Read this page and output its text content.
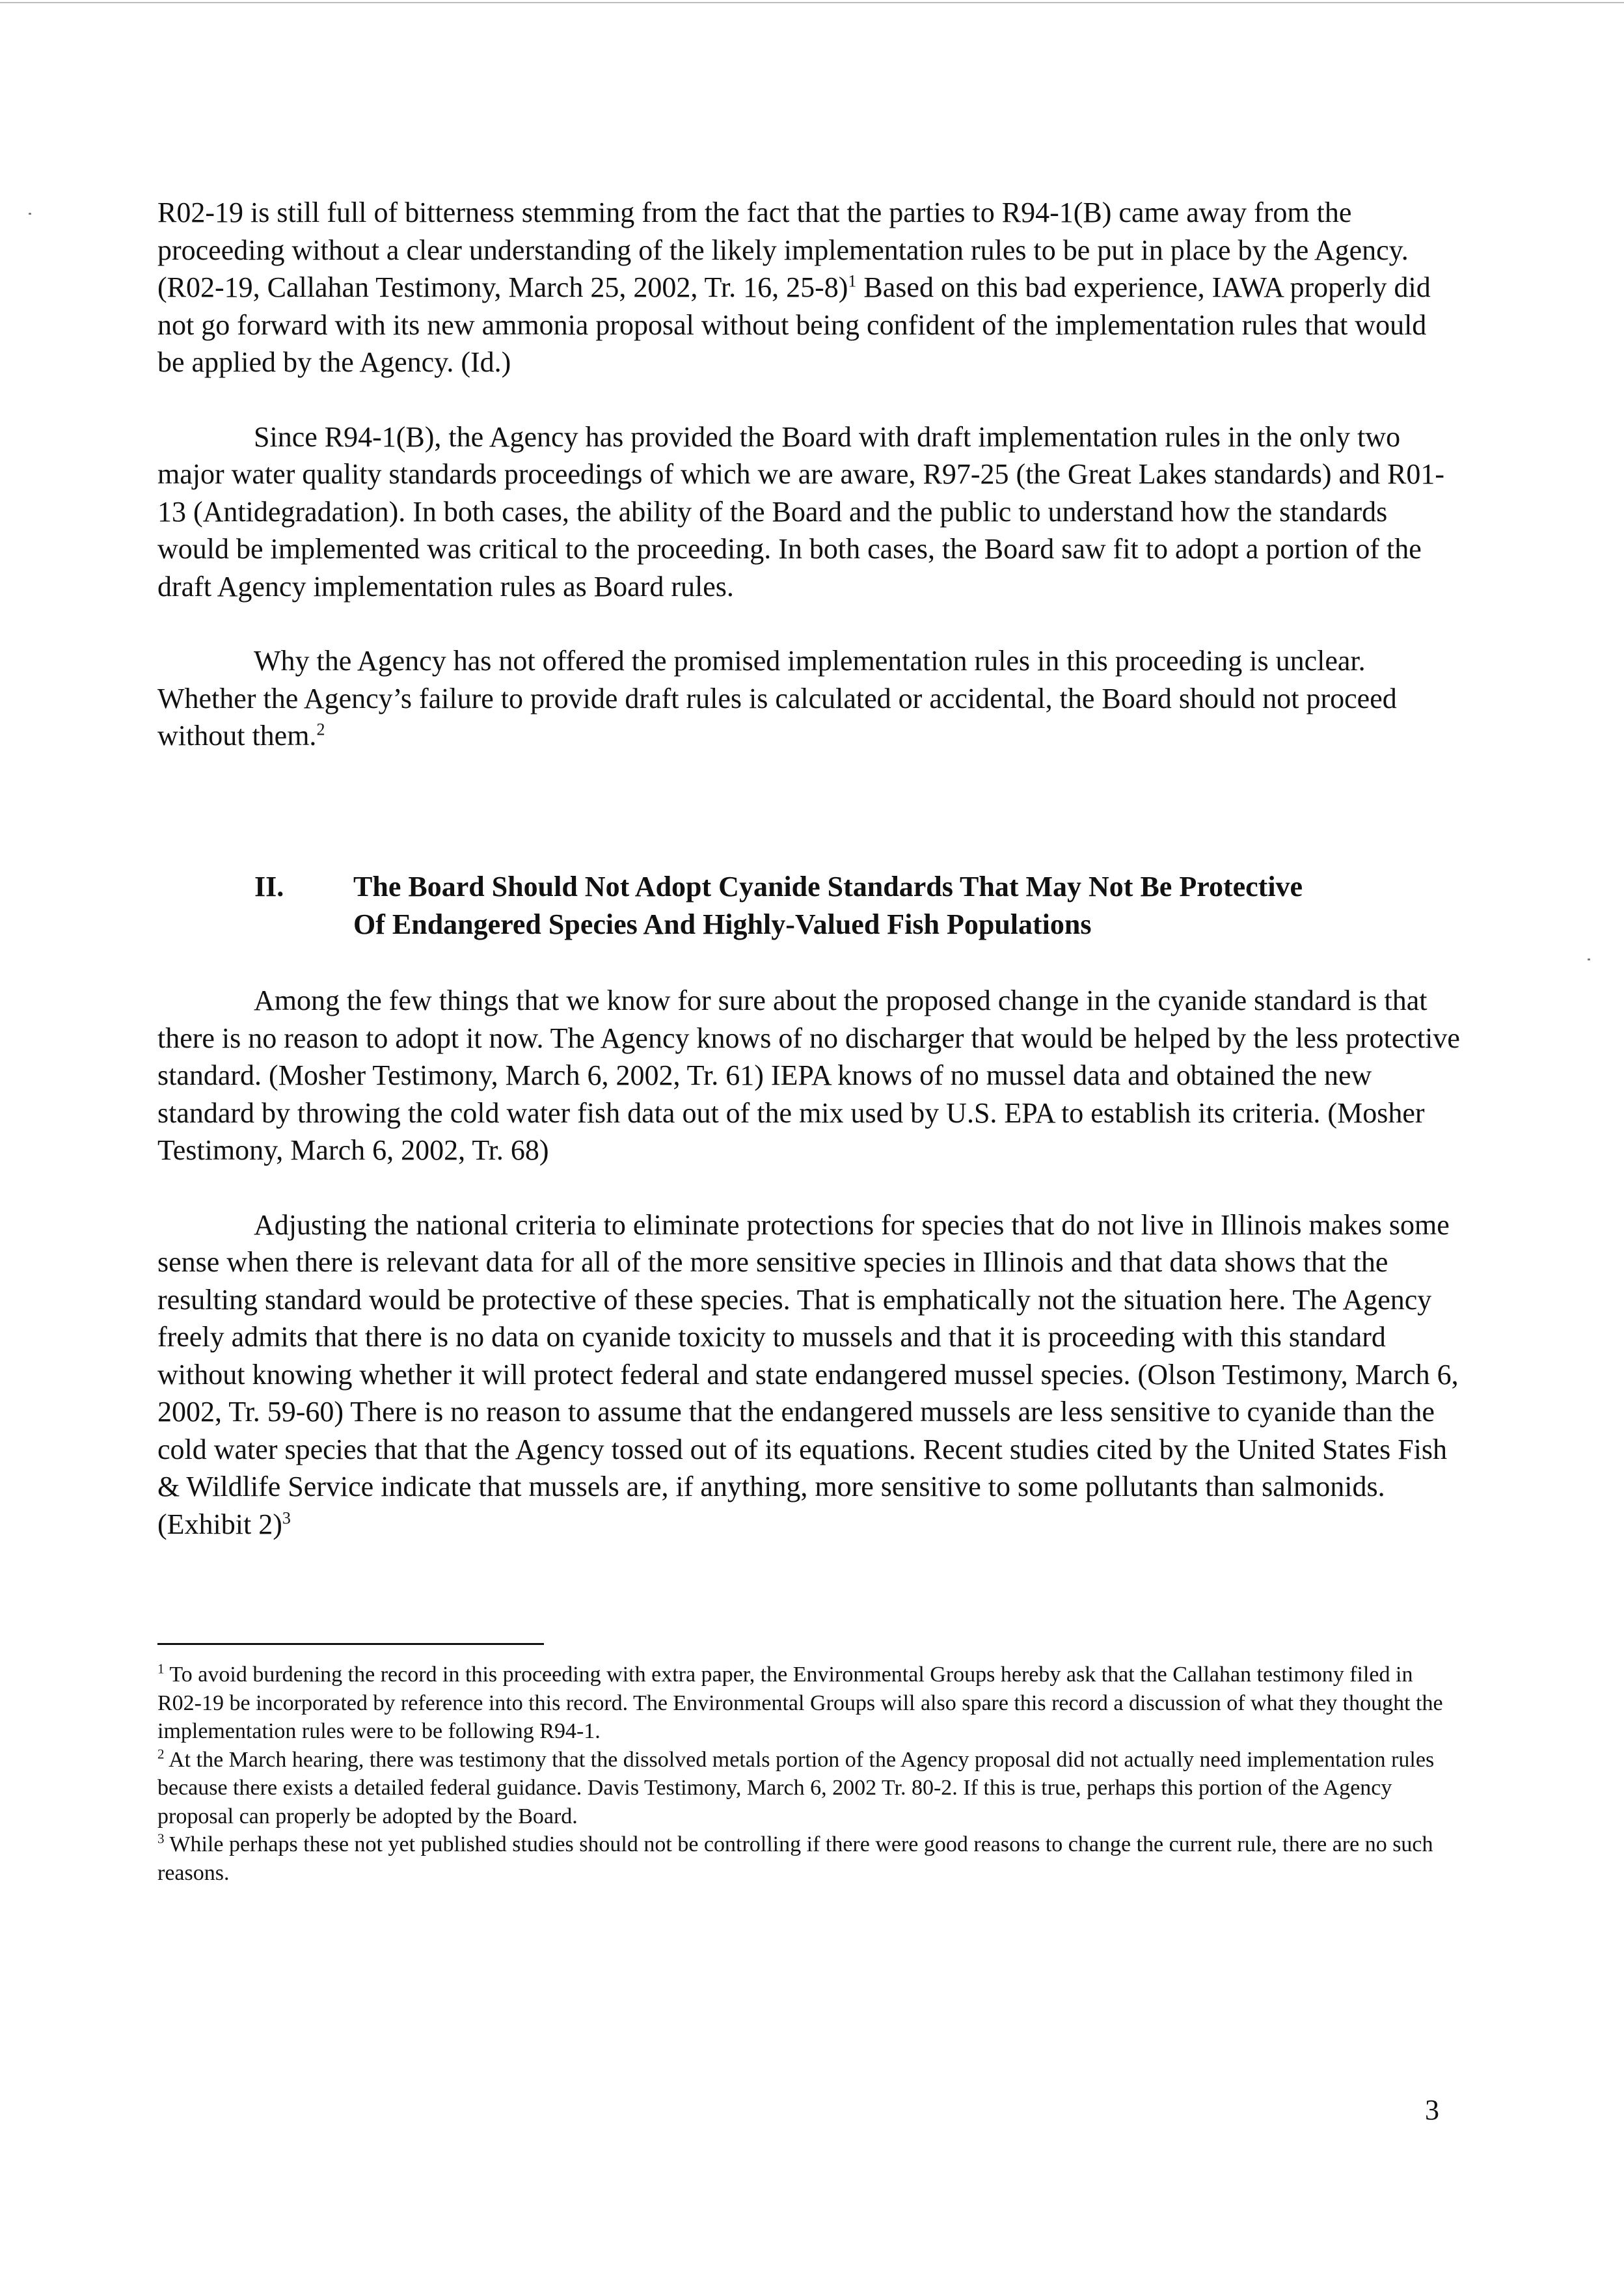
R02-19 is still full of bitterness stemming from the fact that the parties to R94-1(B) came away from the proceeding without a clear understanding of the likely implementation rules to be put in place by the Agency. (R02-19, Callahan Testimony, March 25, 2002, Tr. 16, 25-8)$^1$ Based on this bad experience, IAWA properly did not go forward with its new ammonia proposal without being confident of the implementation rules that would be applied by the Agency. (Id.)

Since R94-1(B), the Agency has provided the Board with draft implementation rules in the only two major water quality standards proceedings of which we are aware, R97-25 (the Great Lakes standards) and R01-13 (Antidegradation). In both cases, the ability of the Board and the public to understand how the standards would be implemented was critical to the proceeding. In both cases, the Board saw fit to adopt a portion of the draft Agency implementation rules as Board rules.

Why the Agency has not offered the promised implementation rules in this proceeding is unclear. Whether the Agency’s failure to provide draft rules is calculated or accidental, the Board should not proceed without them.$^2$

II. The Board Should Not Adopt Cyanide Standards That May Not Be Protective
Of Endangered Species And Highly-Valued Fish Populations

Among the few things that we know for sure about the proposed change in the cyanide standard is that there is no reason to adopt it now. The Agency knows of no discharger that would be helped by the less protective standard. (Mosher Testimony, March 6, 2002, Tr. 61) IEPA knows of no mussel data and obtained the new standard by throwing the cold water fish data out of the mix used by U.S. EPA to establish its criteria. (Mosher Testimony, March 6, 2002, Tr. 68)

Adjusting the national criteria to eliminate protections for species that do not live in Illinois makes some sense when there is relevant data for all of the more sensitive species in Illinois and that data shows that the resulting standard would be protective of these species. That is emphatically not the situation here. The Agency freely admits that there is no data on cyanide toxicity to mussels and that it is proceeding with this standard without knowing whether it will protect federal and state endangered mussel species. (Olson Testimony, March 6, 2002, Tr. 59-60) There is no reason to assume that the endangered mussels are less sensitive to cyanide than the cold water species that that the Agency tossed out of its equations. Recent studies cited by the United States Fish & Wildlife Service indicate that mussels are, if anything, more sensitive to some pollutants than salmonids. (Exhibit 2)$^3$

$^1$ To avoid burdening the record in this proceeding with extra paper, the Environmental Groups hereby ask that the Callahan testimony filed in R02-19 be incorporated by reference into this record. The Environmental Groups will also spare this record a discussion of what they thought the implementation rules were to be following R94-1.

$^2$ At the March hearing, there was testimony that the dissolved metals portion of the Agency proposal did not actually need implementation rules because there exists a detailed federal guidance. Davis Testimony, March 6, 2002 Tr. 80-2. If this is true, perhaps this portion of the Agency proposal can properly be adopted by the Board.

$^3$ While perhaps these not yet published studies should not be controlling if there were good reasons to change the current rule, there are no such reasons.

3
